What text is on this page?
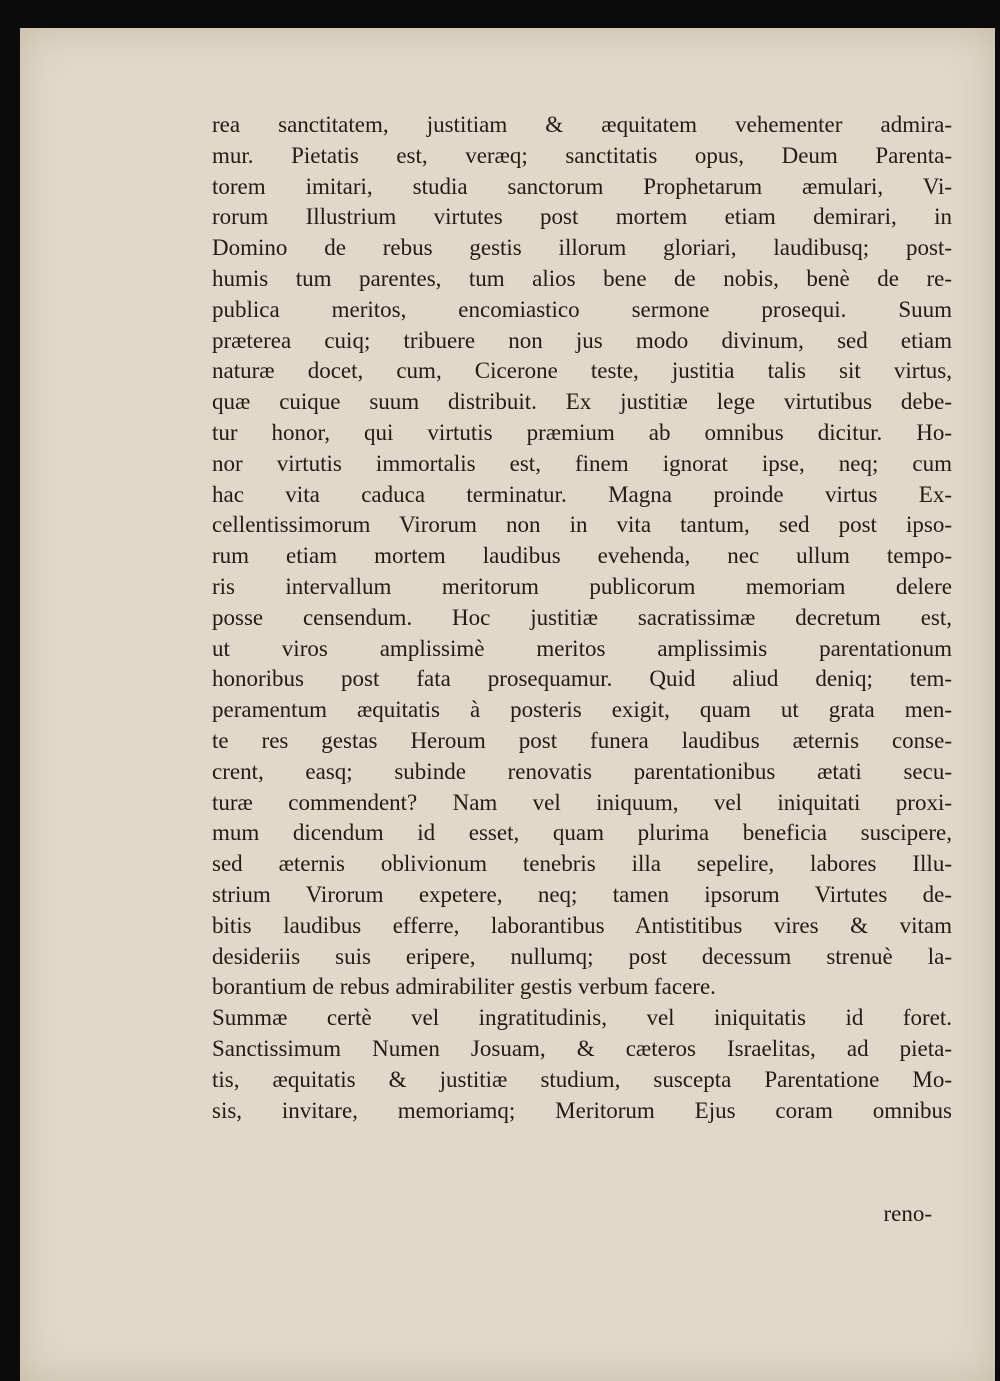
rea sanctitatem, justitiam & æquitatem vehementer admira-
mur. Pietatis est, veræq; sanctitatis opus, Deum Parenta-
torem imitari, studia sanctorum Prophetarum æmulari, Vi-
rorum Illustrium virtutes post mortem etiam demirari, in
Domino de rebus gestis illorum gloriari, laudibusq; post-
humis tum parentes, tum alios bene de nobis, benè de re-
publica meritos, encomiastico sermone prosequi. Suum
præterea cuiq; tribuere non jus modo divinum, sed etiam
naturæ docet, cum, Cicerone teste, justitia talis sit virtus,
quæ cuique suum distribuit. Ex justitiæ lege virtutibus debe-
tur honor, qui virtutis præmium ab omnibus dicitur. Ho-
nor virtutis immortalis est, finem ignorat ipse, neq; cum
hac vita caduca terminatur. Magna proinde virtus Ex-
cellentissimorum Virorum non in vita tantum, sed post ipso-
rum etiam mortem laudibus evehenda, nec ullum tempo-
ris intervallum meritorum publicorum memoriam delere
posse censendum. Hoc justitiæ sacratissimæ decretum est,
ut viros amplissimè meritos amplissimis parentationum
honoribus post fata prosequamur. Quid aliud deniq; tem-
peramentum æquitatis à posteris exigit, quam ut grata men-
te res gestas Heroum post funera laudibus æternis conse-
crent, easq; subinde renovatis parentationibus ætati secu-
turæ commendent? Nam vel iniquum, vel iniquitati proxi-
mum dicendum id esset, quam plurima beneficia suscipere,
sed æternis oblivionum tenebris illa sepelire, labores Illu-
strium Virorum expetere, neq; tamen ipsorum Virtutes de-
bitis laudibus efferre, laborantibus Antistitibus vires & vitam
desideriis suis eripere, nullumq; post decessum strenuè la-
borantium de rebus admirabiliter gestis verbum facere.
Summæ certè vel ingratitudinis, vel iniquitatis id foret.
Sanctissimum Numen Josuam, & cæteros Israelitas, ad pieta-
tis, æquitatis & justitiæ studium, suscepta Parentatione Mo-
sis, invitare, memoriamq; Meritorum Ejus coram omnibus
reno-
